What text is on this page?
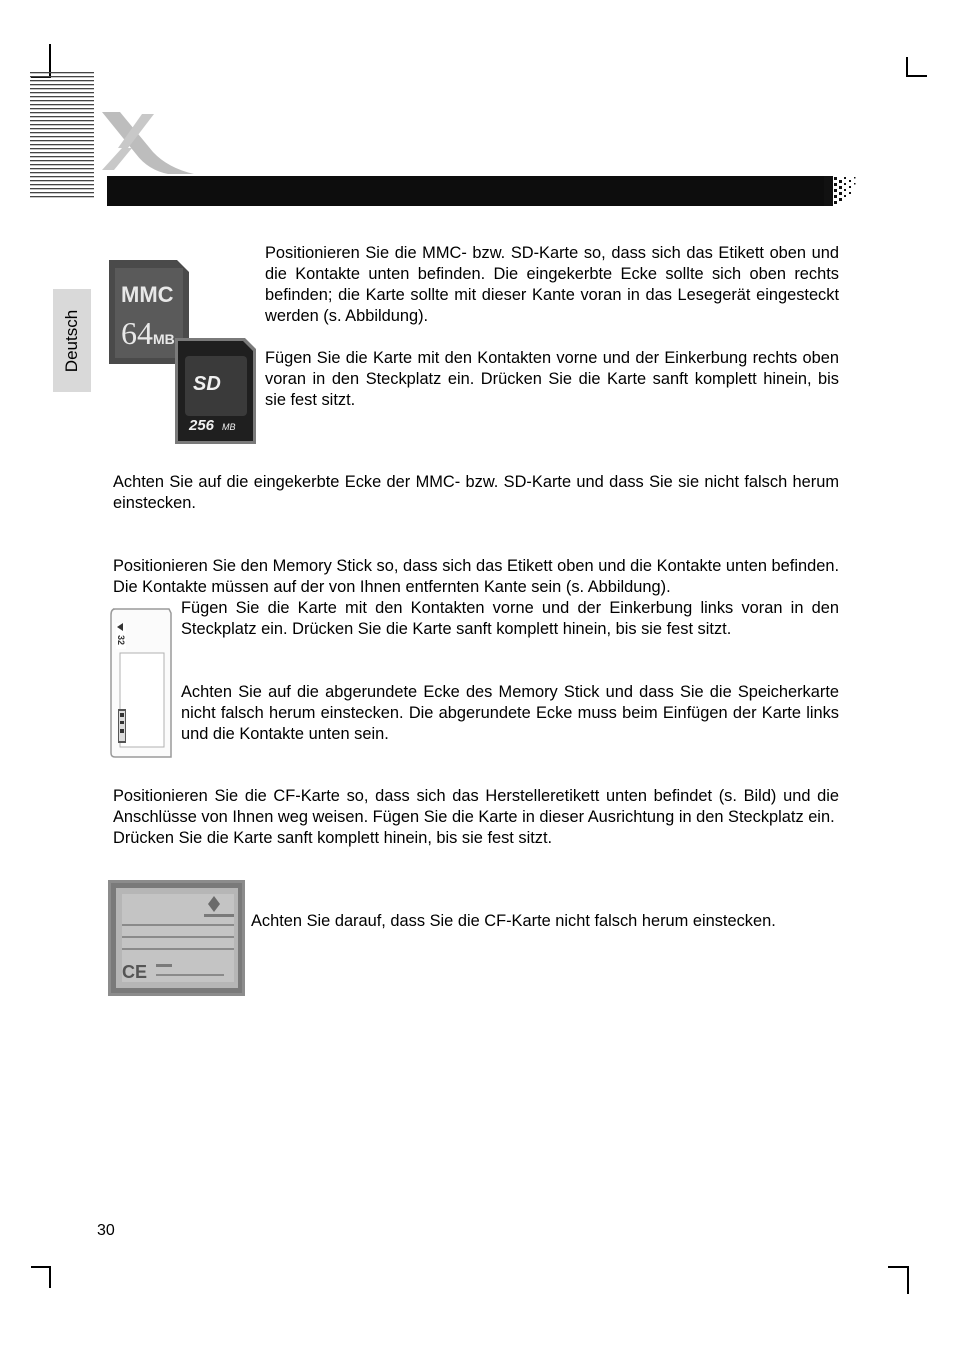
Deutsch
MMC
64 MB
SD
256 MB

Positionieren Sie die MMC- bzw. SD-Karte so, dass sich das Etikett oben und die Kontakte unten befinden. Die eingekerbte Ecke sollte sich oben rechts befinden; die Karte sollte mit dieser Kante voran in das Lesegerät eingesteckt werden (s. Abbildung).

Fügen Sie die Karte mit den Kontakten vorne und der Einkerbung rechts oben voran in den Steckplatz ein. Drücken Sie die Karte sanft komplett hinein, bis sie fest sitzt.

Achten Sie auf die eingekerbte Ecke der MMC- bzw. SD-Karte und dass Sie sie nicht falsch herum einstecken.
Positionieren Sie den Memory Stick so, dass sich das Etikett oben und die Kontakte unten befinden. Die Kontakte müssen auf der von Ihnen entfernten Kante sein (s. Abbildung).
32

Fügen Sie die Karte mit den Kontakten vorne und der Einkerbung links voran in den Steckplatz ein. Drücken Sie die Karte sanft komplett hinein, bis sie fest sitzt.

Achten Sie auf die abgerundete Ecke des Memory Stick und dass Sie die Speicherkarte nicht falsch herum einstecken. Die abgerundete Ecke muss beim Einfügen der Karte links und die Kontakte unten sein.

Positionieren Sie die CF-Karte so, dass sich das Herstelleretikett unten befindet (s. Bild) und die Anschlüsse von Ihnen weg weisen. Fügen Sie die Karte in dieser Ausrichtung in den Steckplatz ein.

Drücken Sie die Karte sanft komplett hinein, bis sie fest sitzt.

CE
Achten Sie darauf, dass Sie die CF-Karte nicht falsch herum einstecken.
30
